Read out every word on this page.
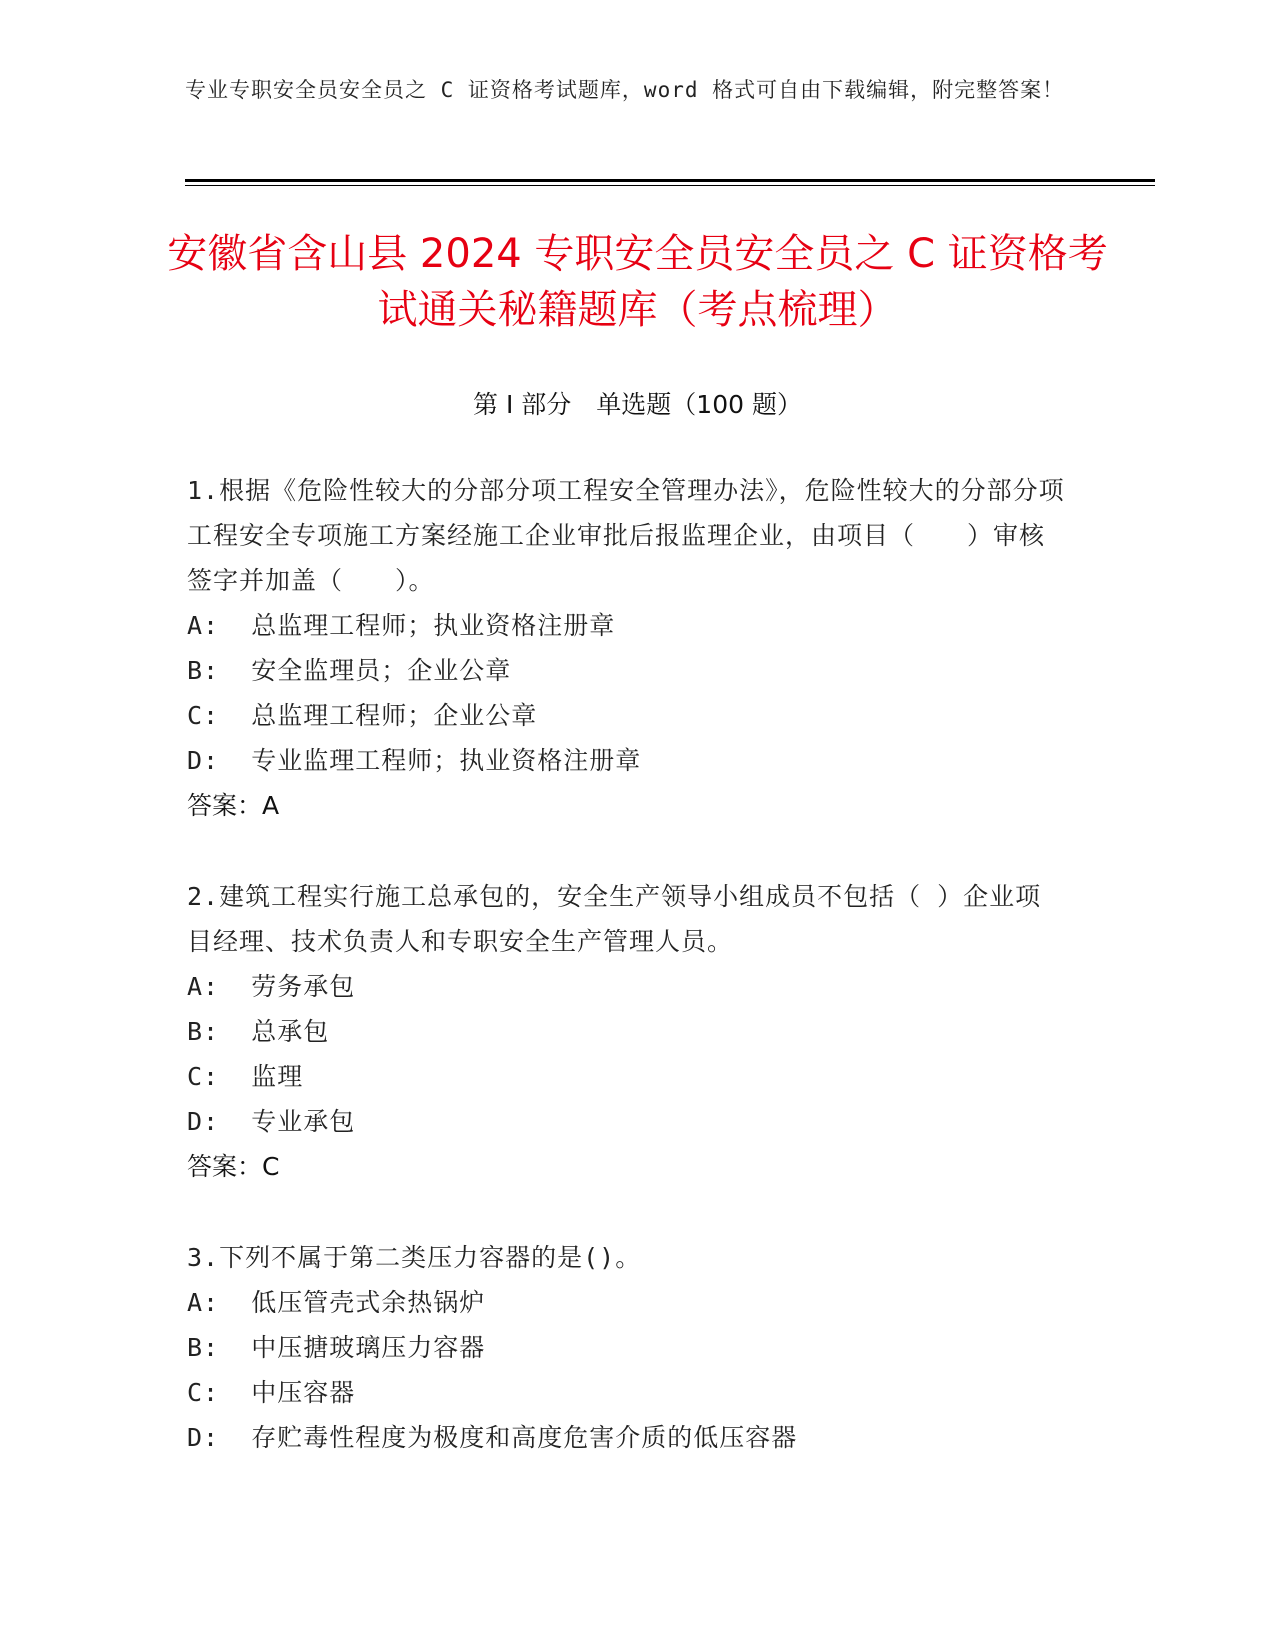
专业专职安全员安全员之 C 证资格考试题库，word 格式可自由下载编辑，附完整答案！
安徽省含山县 2024 专职安全员安全员之 C 证资格考试通关秘籍题库（考点梳理）
第 I 部分　单选题（100 题）
1.根据《危险性较大的分部分项工程安全管理办法》，危险性较大的分部分项工程安全专项施工方案经施工企业审批后报监理企业，由项目（　　）审核签字并加盖（　　）。
A:  总监理工程师；执业资格注册章
B:  安全监理员；企业公章
C:  总监理工程师；企业公章
D:  专业监理工程师；执业资格注册章
答案：A
2.建筑工程实行施工总承包的，安全生产领导小组成员不包括（ ）企业项目经理、技术负责人和专职安全生产管理人员。
A:  劳务承包
B:  总承包
C:  监理
D:  专业承包
答案：C
3.下列不属于第二类压力容器的是()。
A:  低压管壳式余热锅炉
B:  中压搪玻璃压力容器
C:  中压容器
D:  存贮毒性程度为极度和高度危害介质的低压容器
